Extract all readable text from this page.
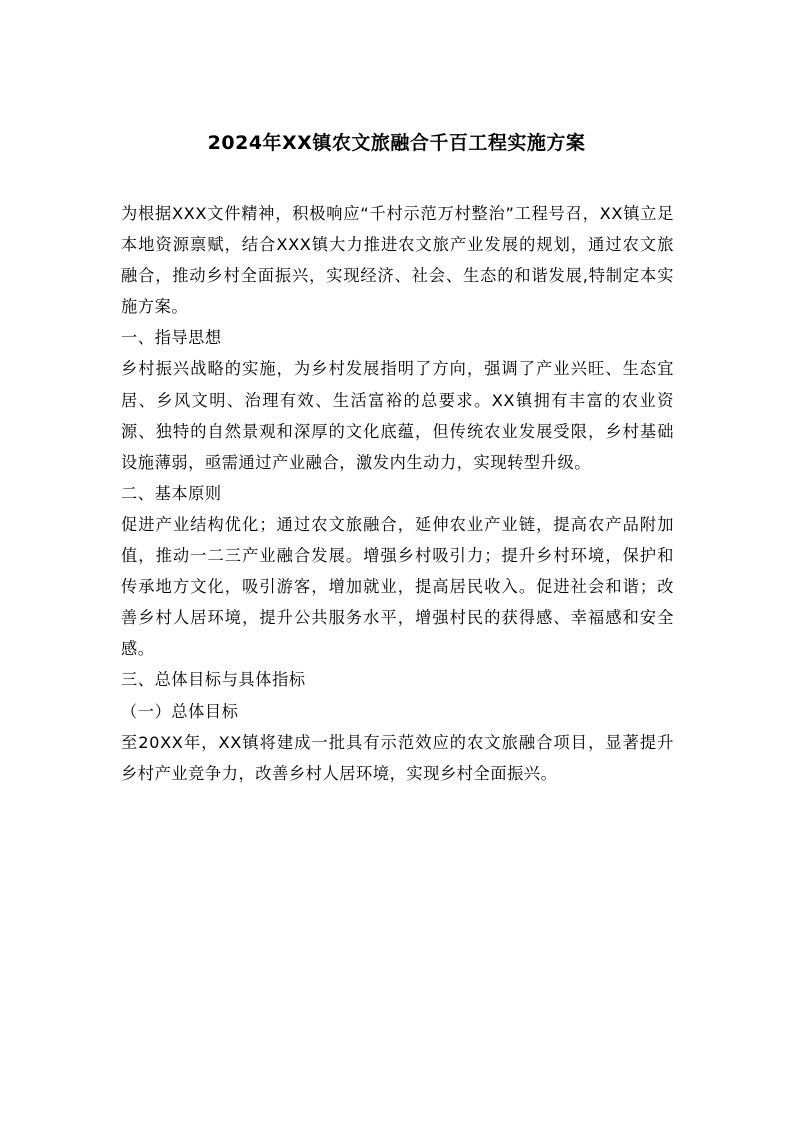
2024年XX镇农文旅融合千百工程实施方案

为根据XXX文件精神，积极响应“千村示范万村整治”工程号召，XX镇立足本地资源禀赋，结合XXX镇大力推进农文旅产业发展的规划，通过农文旅融合，推动乡村全面振兴，实现经济、社会、生态的和谐发展,特制定本实施方案。

一、指导思想

乡村振兴战略的实施，为乡村发展指明了方向，强调了产业兴旺、生态宜居、乡风文明、治理有效、生活富裕的总要求。XX镇拥有丰富的农业资源、独特的自然景观和深厚的文化底蕴，但传统农业发展受限，乡村基础设施薄弱，亟需通过产业融合，激发内生动力，实现转型升级。

二、基本原则

促进产业结构优化；通过农文旅融合，延伸农业产业链，提高农产品附加值，推动一二三产业融合发展。增强乡村吸引力；提升乡村环境，保护和传承地方文化，吸引游客，增加就业，提高居民收入。促进社会和谐；改善乡村人居环境，提升公共服务水平，增强村民的获得感、幸福感和安全感。

三、总体目标与具体指标

（一）总体目标

至20XX年，XX镇将建成一批具有示范效应的农文旅融合项目，显著提升乡村产业竞争力，改善乡村人居环境，实现乡村全面振兴。
